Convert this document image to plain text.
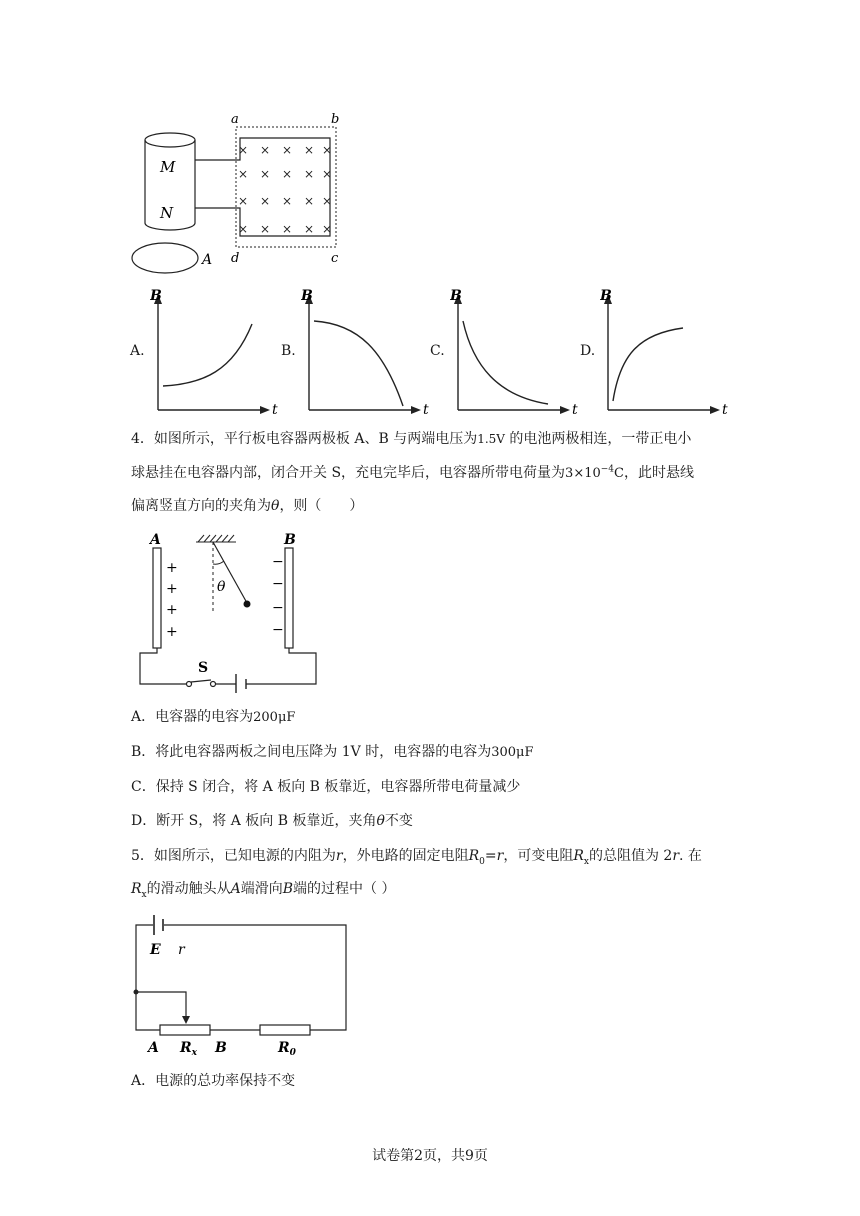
M
N
A
a	b
c
d
× × × × ×
× × × × ×
× × × × ×
× × × × ×
A.
B
t
B.
B
t
C.
B
t
D.
B
t
4．如图所示，平行板电容器两极板 A、B 与两端电压为1.5V 的电池两极相连，一带正电小
球悬挂在电容器内部，闭合开关 S，充电完毕后，电容器所带电荷量为$3\times 10^{-4}C$，此时悬线
偏离竖直方向的夹角为θ，则（　　）
A	B
+
+
+
+
−
−
−
−
θ
S
A．电容器的电容为200μF
B．将此电容器两板之间电压降为 1V 时，电容器的电容为300μF
C．保持 S 闭合，将 A 板向 B 板靠近，电容器所带电荷量减少
D．断开 S，将 A 板向 B 板靠近，夹角θ不变
5．如图所示，已知电源的内阻为r，外电路的固定电阻$R_0=r$，可变电阻$R_x$的总阻值为 2r. 在
$R_x$的滑动触头从A端滑向B端的过程中（ ）
E r
A $R_x$ B	$R_0$
A．电源的总功率保持不变
试卷第2页，共9页
